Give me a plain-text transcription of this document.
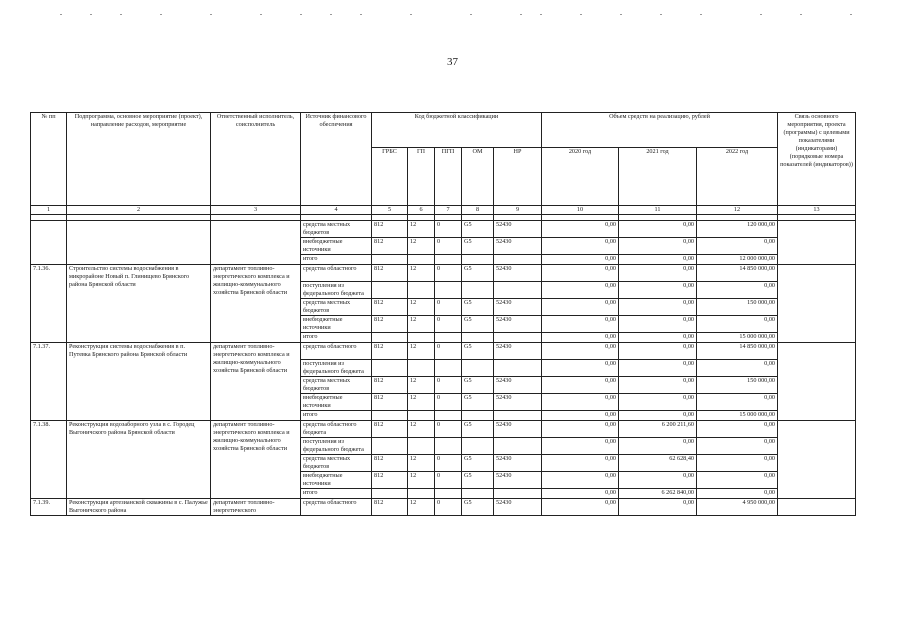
37
№ пп	Подпрограмма, основное мероприятие (проект), направление расходов, мероприятие	Ответственный исполнитель, соисполнитель	Источник финансового обеспечения	Код бюджетной классификации					Объем средств на реализацию, рублей			Связь основного мероприятия, проекта (программы) с целевыми показателями (индикаторами) (порядковые номера показателей (индикаторов))
				ГРБС	ГП	ПГП	ОМ	НР	2020 год	2021 год	2022 год	
1	2	3	4	5	6	7	8	9	10	11	12	13

			средства местных бюджетов	812	12	0	G5	52430	0,00	0,00	120 000,00	
			внебюджетные источники	812	12	0	G5	52430	0,00	0,00	0,00	
			итого						0,00	0,00	12 000 000,00	
7.1.36.	Строительство системы водоснабжения в микрорайоне Новый п. Глинищево Брянского района Брянской области	департамент топливно-энергетического комплекса и жилищно-коммунального хозяйства Брянской области	средства областного	812	12	0	G5	52430	0,00	0,00	14 850 000,00	
			поступления из федерального бюджета						0,00	0,00	0,00	
			средства местных бюджетов	812	12	0	G5	52430	0,00	0,00	150 000,00	
			внебюджетные источники	812	12	0	G5	52430	0,00	0,00	0,00	
			итого						0,00	0,00	15 000 000,00	
7.1.37.	Реконструкция системы водоснабжения в п. Путевка Брянского района Брянской области	департамент топливно-энергетического комплекса и жилищно-коммунального хозяйства Брянской области	средства областного	812	12	0	G5	52430	0,00	0,00	14 850 000,00	
			поступления из федерального бюджета						0,00	0,00	0,00	
			средства местных бюджетов	812	12	0	G5	52430	0,00	0,00	150 000,00	
			внебюджетные источники	812	12	0	G5	52430	0,00	0,00	0,00	
			итого						0,00	0,00	15 000 000,00	
7.1.38.	Реконструкция водозаборного узла в с. Городец Выгоничского района Брянской области	департамент топливно-энергетического комплекса и жилищно-коммунального хозяйства Брянской области	средства областного бюджета	812	12	0	G5	52430	0,00	6 200 211,60	0,00	
			поступления из федерального бюджета						0,00	0,00	0,00	
			средства местных бюджетов	812	12	0	G5	52430	0,00	62 628,40	0,00	
			внебюджетные источники	812	12	0	G5	52430	0,00	0,00	0,00	
			итого						0,00	6 262 840,00	0,00	
7.1.39.	Реконструкция артезианской скважины в с. Палужье Выгоничского района	департамент топливно-энергетического	средства областного	812	12	0	G5	52430	0,00	0,00	4 950 000,00	
